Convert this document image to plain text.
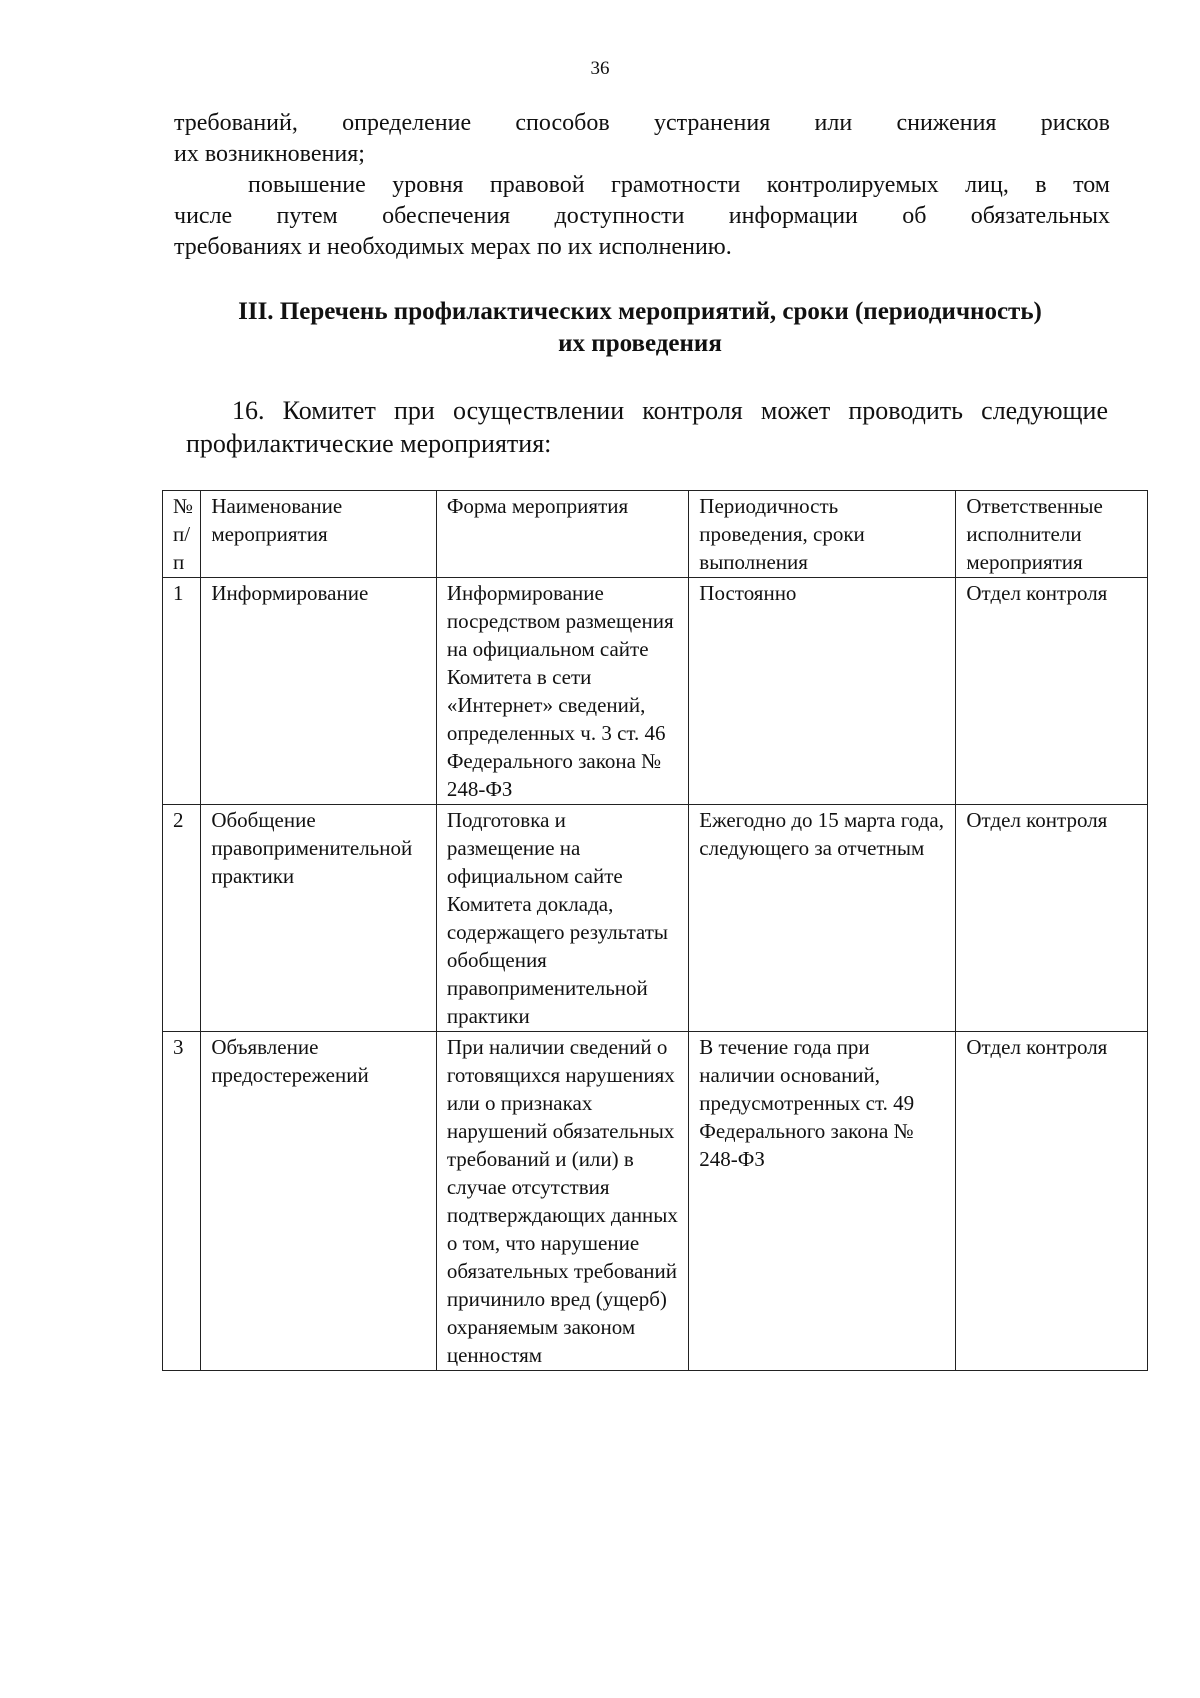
36

требований, определение способов устранения или снижения рисков

их возникновения;

повышение уровня правовой грамотности контролируемых лиц, в том

числе путем обеспечения доступности информации об обязательных

требованиях и необходимых мерах по их исполнению.

III. Перечень профилактических мероприятий, сроки (периодичность)
их проведения
16. Комитет при осуществлении контроля может проводить следующие
профилактические мероприятия:
№ п/п	Наименование мероприятия	Форма мероприятия	Периодичность проведения, сроки выполнения	Ответственные исполнители мероприятия
1	Информирование	Информирование посредством размещения на официальном сайте Комитета в сети «Интернет» сведений, определенных ч. 3 ст. 46 Федерального закона № 248-ФЗ	Постоянно	Отдел контроля
2	Обобщение правоприменительной практики	Подготовка и размещение на официальном сайте Комитета доклада, содержащего результаты обобщения правоприменительной практики	Ежегодно до 15 марта года, следующего за отчетным	Отдел контроля
3	Объявление предостережений	При наличии сведений о готовящихся нарушениях или о признаках нарушений обязательных требований и (или) в случае отсутствия подтверждающих данных о том, что нарушение обязательных требований причинило вред (ущерб) охраняемым законом ценностям	В течение года при наличии оснований, предусмотренных ст. 49 Федерального закона № 248-ФЗ	Отдел контроля
